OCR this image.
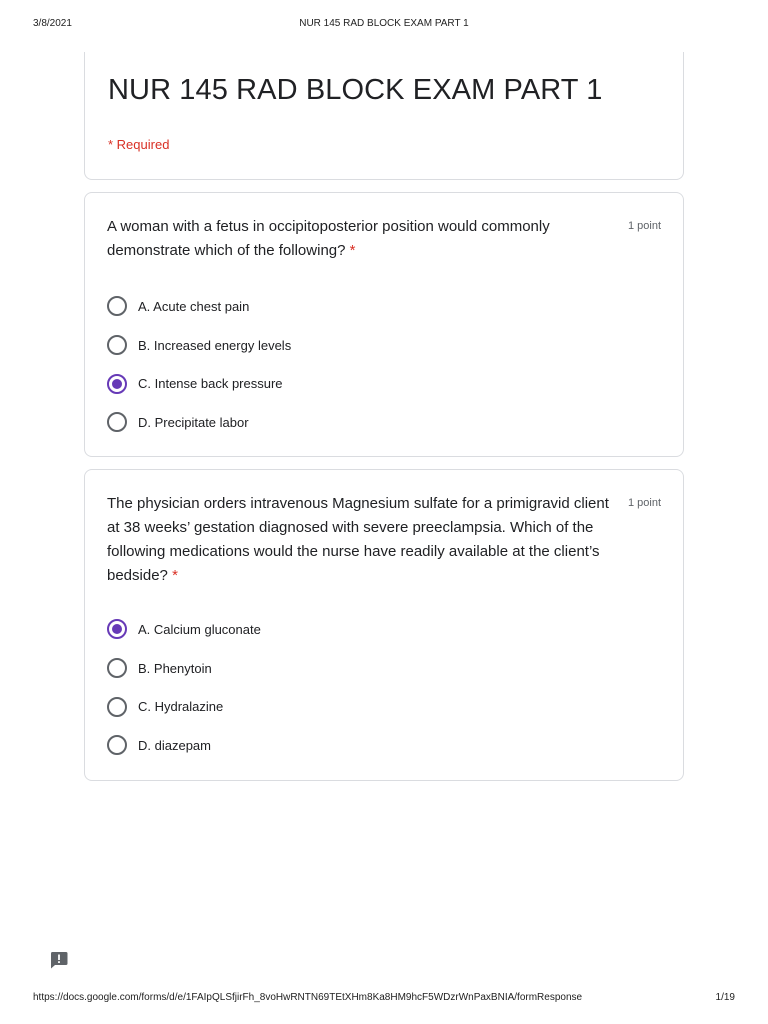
3/8/2021	NUR 145 RAD BLOCK EXAM PART 1
NUR 145 RAD BLOCK EXAM PART 1
* Required
A woman with a fetus in occipitoposterior position would commonly demonstrate which of the following? *
1 point
A. Acute chest pain
B. Increased energy levels
C. Intense back pressure
D. Precipitate labor
The physician orders intravenous Magnesium sulfate for a primigravid client at 38 weeks’ gestation diagnosed with severe preeclampsia. Which of the following medications would the nurse have readily available at the client’s bedside? *
1 point
A. Calcium gluconate
B. Phenytoin
C. Hydralazine
D. diazepam
https://docs.google.com/forms/d/e/1FAIpQLSfjirFh_8voHwRNTN69TEtXHm8Ka8HM9hcF5WDzrWnPaxBNIA/formResponse	1/19
